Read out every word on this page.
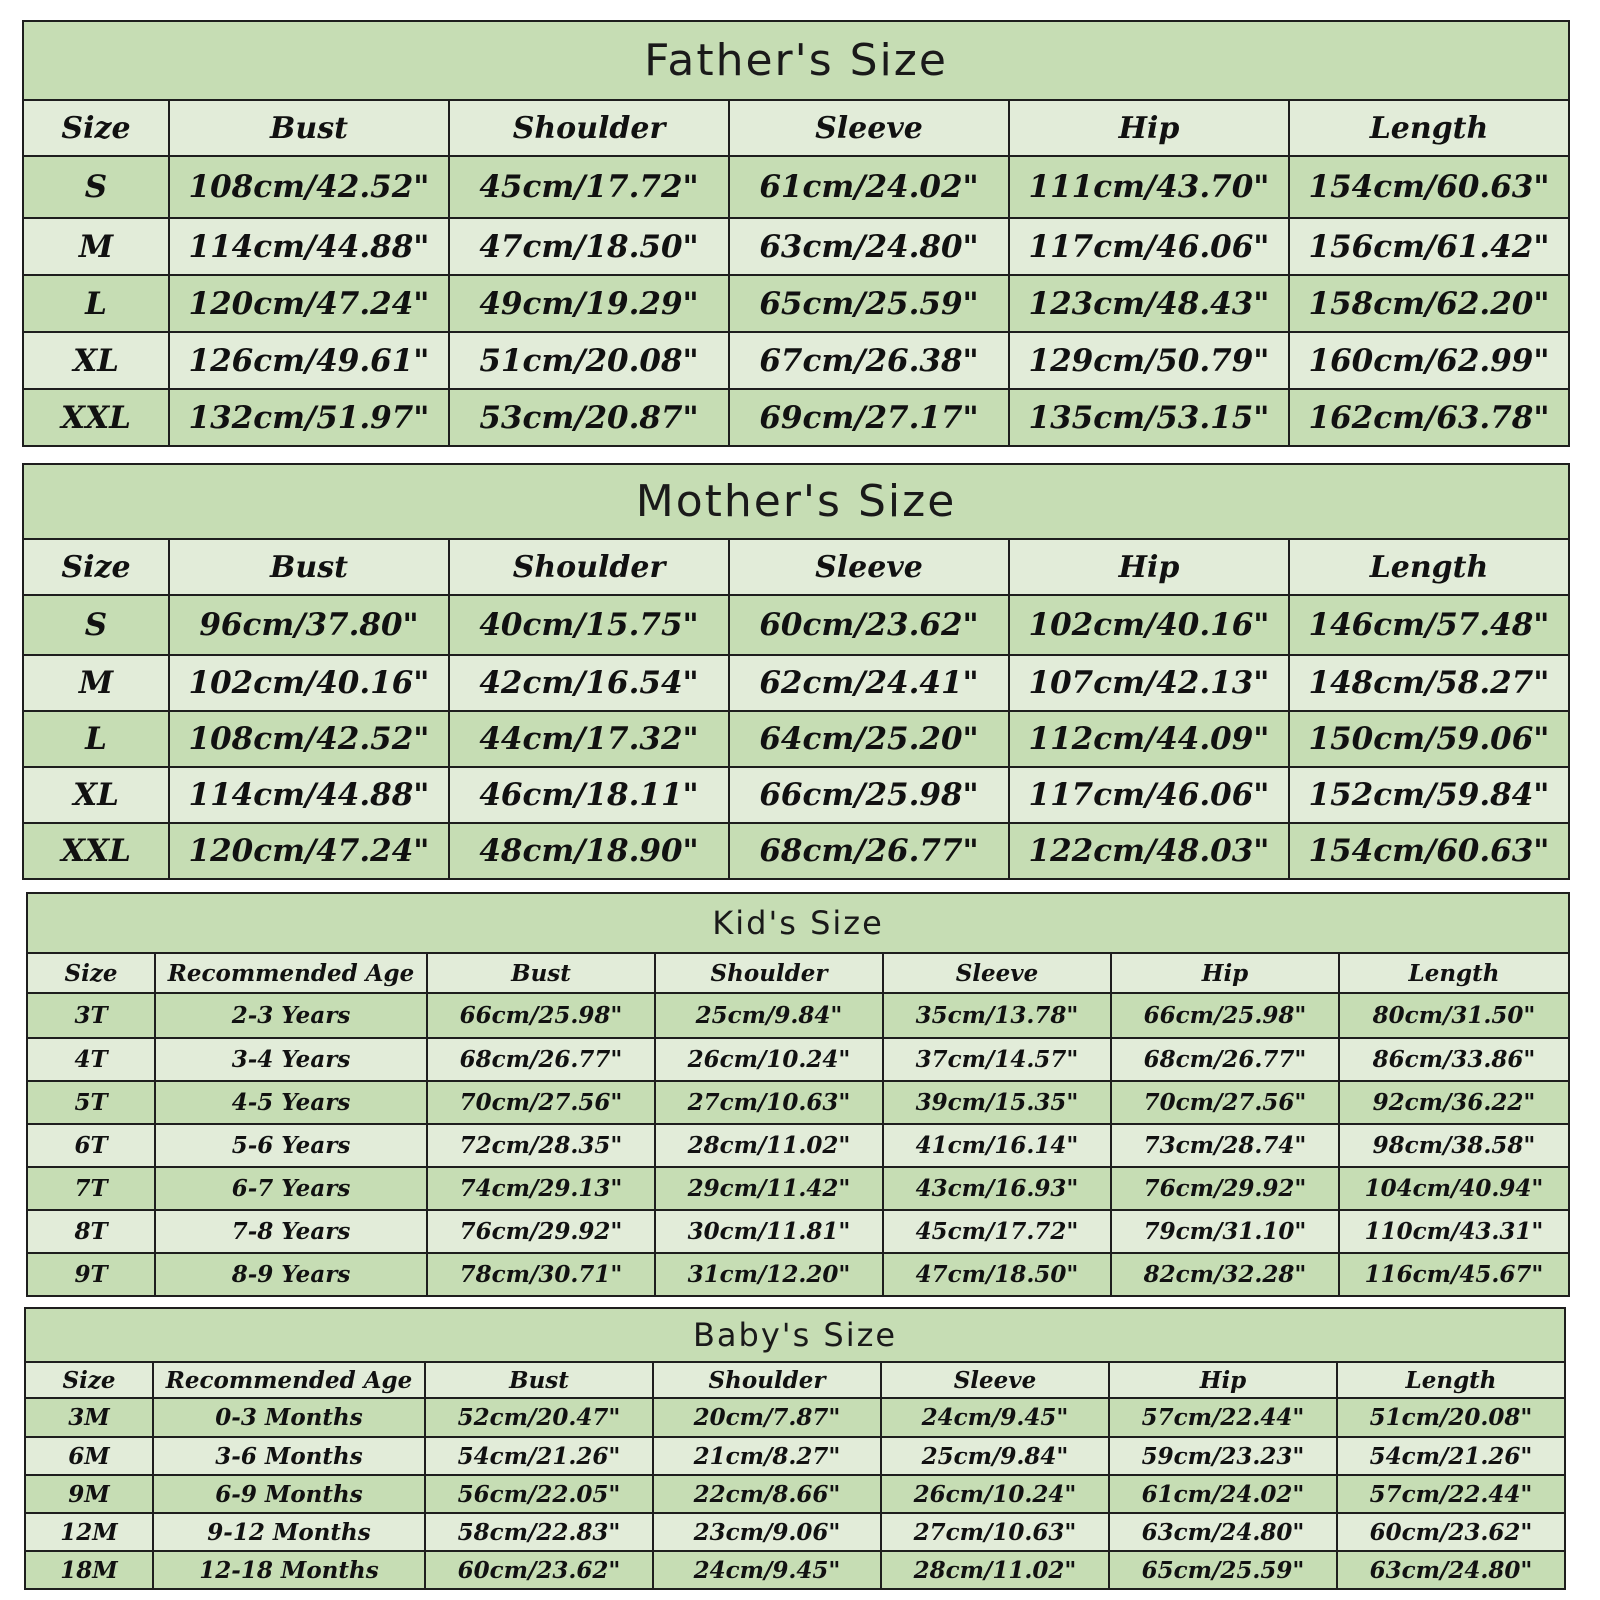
Father's Size					
Size	Bust	Shoulder	Sleeve	Hip	Length
S	108cm/42.52"	45cm/17.72"	61cm/24.02"	111cm/43.70"	154cm/60.63"
M	114cm/44.88"	47cm/18.50"	63cm/24.80"	117cm/46.06"	156cm/61.42"
L	120cm/47.24"	49cm/19.29"	65cm/25.59"	123cm/48.43"	158cm/62.20"
XL	126cm/49.61"	51cm/20.08"	67cm/26.38"	129cm/50.79"	160cm/62.99"
XXL	132cm/51.97"	53cm/20.87"	69cm/27.17"	135cm/53.15"	162cm/63.78"
Mother's Size					
Size	Bust	Shoulder	Sleeve	Hip	Length
S	96cm/37.80"	40cm/15.75"	60cm/23.62"	102cm/40.16"	146cm/57.48"
M	102cm/40.16"	42cm/16.54"	62cm/24.41"	107cm/42.13"	148cm/58.27"
L	108cm/42.52"	44cm/17.32"	64cm/25.20"	112cm/44.09"	150cm/59.06"
XL	114cm/44.88"	46cm/18.11"	66cm/25.98"	117cm/46.06"	152cm/59.84"
XXL	120cm/47.24"	48cm/18.90"	68cm/26.77"	122cm/48.03"	154cm/60.63"
Kid's Size						
Size	Recommended Age	Bust	Shoulder	Sleeve	Hip	Length
3T	2-3 Years	66cm/25.98"	25cm/9.84"	35cm/13.78"	66cm/25.98"	80cm/31.50"
4T	3-4 Years	68cm/26.77"	26cm/10.24"	37cm/14.57"	68cm/26.77"	86cm/33.86"
5T	4-5 Years	70cm/27.56"	27cm/10.63"	39cm/15.35"	70cm/27.56"	92cm/36.22"
6T	5-6 Years	72cm/28.35"	28cm/11.02"	41cm/16.14"	73cm/28.74"	98cm/38.58"
7T	6-7 Years	74cm/29.13"	29cm/11.42"	43cm/16.93"	76cm/29.92"	104cm/40.94"
8T	7-8 Years	76cm/29.92"	30cm/11.81"	45cm/17.72"	79cm/31.10"	110cm/43.31"
9T	8-9 Years	78cm/30.71"	31cm/12.20"	47cm/18.50"	82cm/32.28"	116cm/45.67"
Baby's Size						
Size	Recommended Age	Bust	Shoulder	Sleeve	Hip	Length
3M	0-3 Months	52cm/20.47"	20cm/7.87"	24cm/9.45"	57cm/22.44"	51cm/20.08"
6M	3-6 Months	54cm/21.26"	21cm/8.27"	25cm/9.84"	59cm/23.23"	54cm/21.26"
9M	6-9 Months	56cm/22.05"	22cm/8.66"	26cm/10.24"	61cm/24.02"	57cm/22.44"
12M	9-12 Months	58cm/22.83"	23cm/9.06"	27cm/10.63"	63cm/24.80"	60cm/23.62"
18M	12-18 Months	60cm/23.62"	24cm/9.45"	28cm/11.02"	65cm/25.59"	63cm/24.80"
